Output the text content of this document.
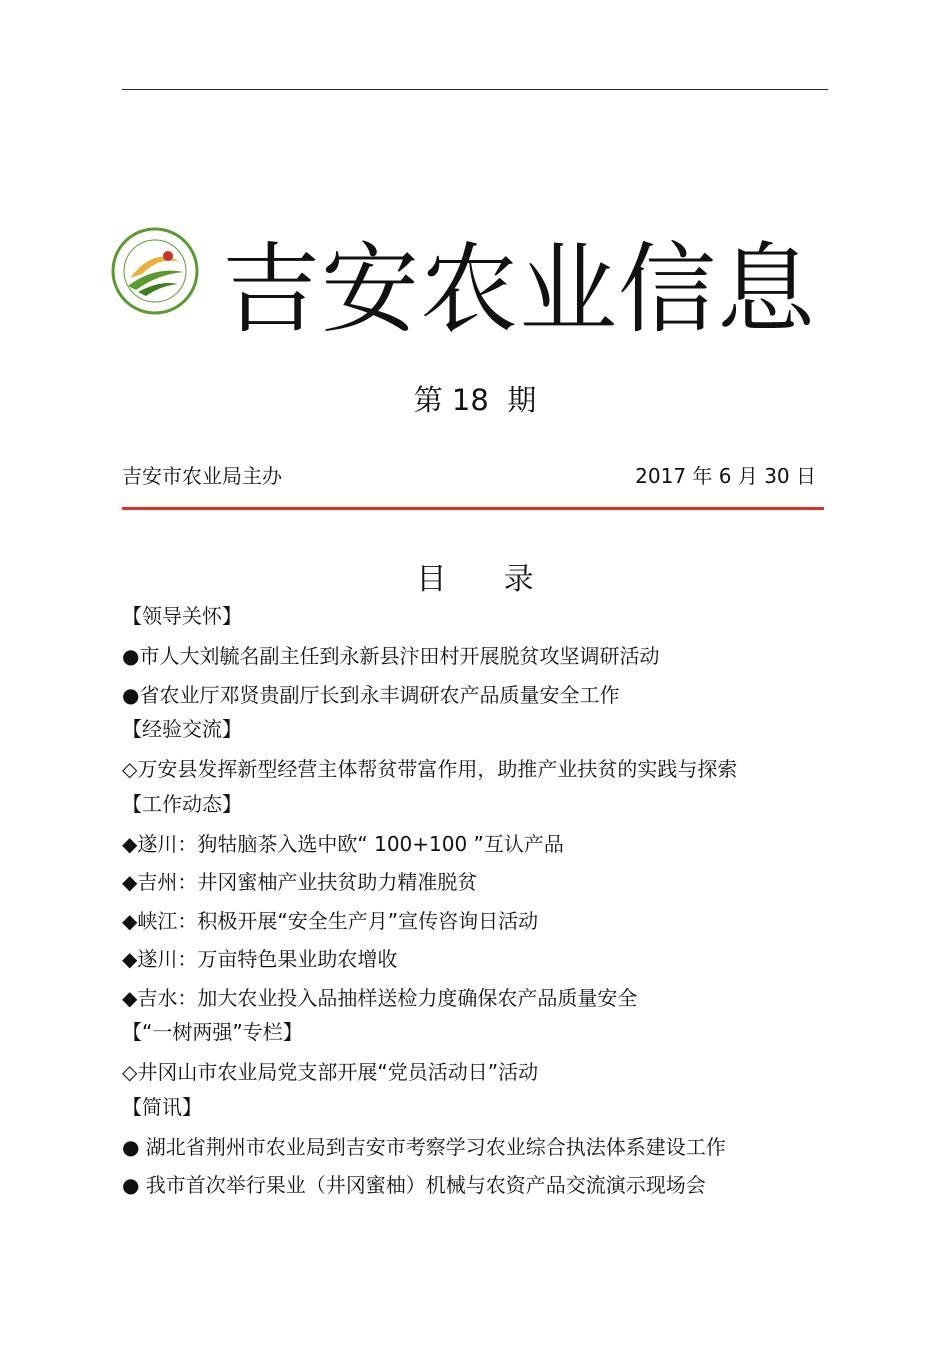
吉安农业信息
第 18  期
吉安市农业局主办	2017 年 6 月 30 日
目      录
【领导关怀】
●市人大刘毓名副主任到永新县汴田村开展脱贫攻坚调研活动
●省农业厅邓贤贵副厅长到永丰调研农产品质量安全工作
【经验交流】
◇万安县发挥新型经营主体帮贫带富作用，助推产业扶贫的实践与探索
【工作动态】
◆遂川：狗牯脑茶入选中欧“ 100+100 ”互认产品
◆吉州：井冈蜜柚产业扶贫助力精准脱贫
◆峡江：积极开展“安全生产月”宣传咨询日活动
◆遂川：万亩特色果业助农增收
◆吉水：加大农业投入品抽样送检力度确保农产品质量安全
【“一树两强”专栏】
◇井冈山市农业局党支部开展“党员活动日”活动
【简讯】
● 湖北省荆州市农业局到吉安市考察学习农业综合执法体系建设工作
● 我市首次举行果业（井冈蜜柚）机械与农资产品交流演示现场会
